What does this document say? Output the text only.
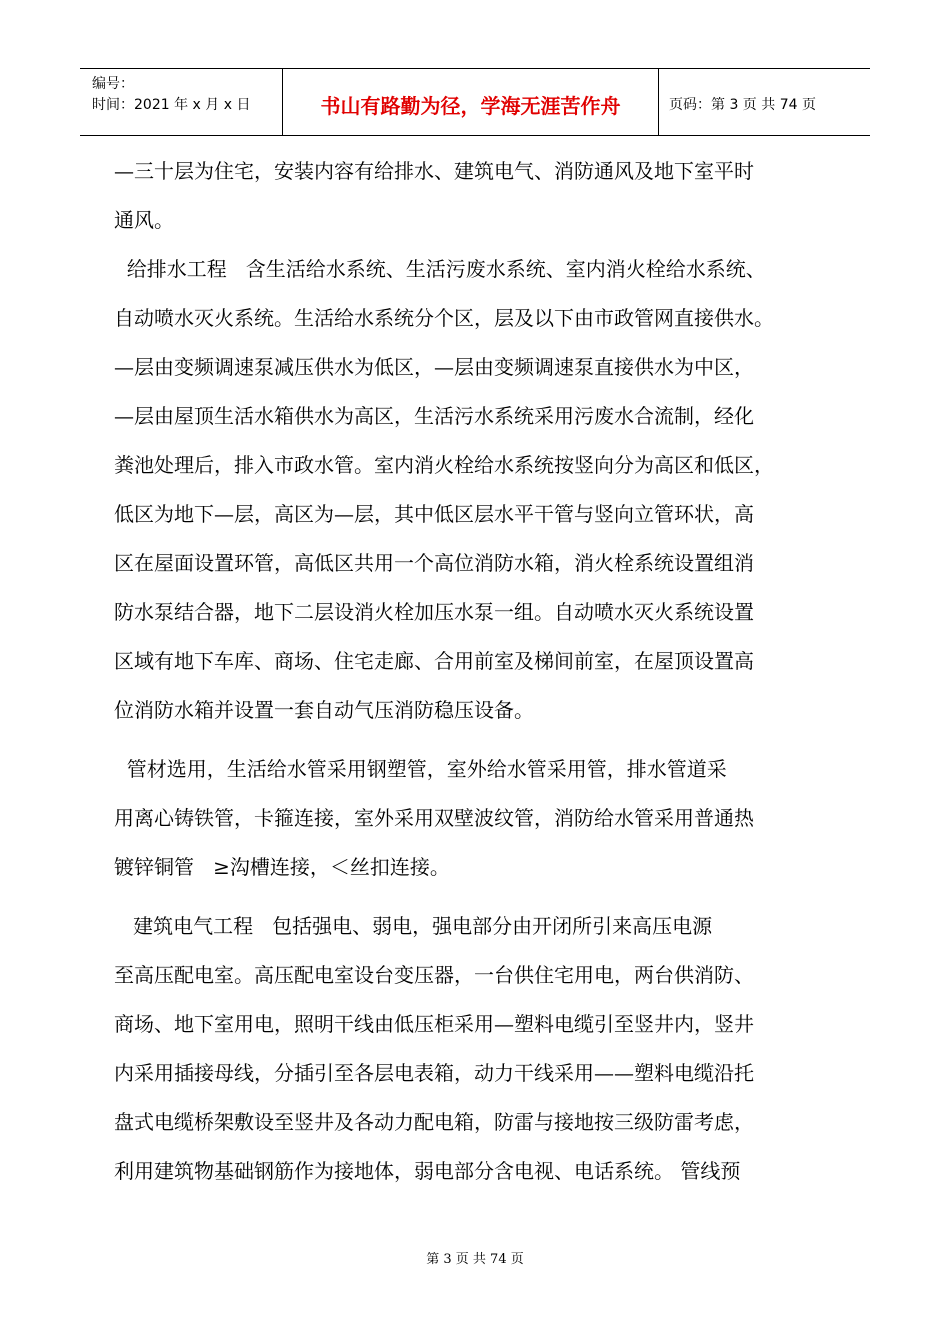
编号：
时间：2021 年 x 月 x 日	书山有路勤为径，学海无涯苦作舟	页码：第 3 页 共 74 页
—三十层为住宅，安装内容有给排水、建筑电气、消防通风及地下室平时
通风。
给排水工程   含生活给水系统、生活污废水系统、室内消火栓给水系统、
自动喷水灭火系统。生活给水系统分个区，层及以下由市政管网直接供水。
—层由变频调速泵减压供水为低区，—层由变频调速泵直接供水为中区，
—层由屋顶生活水箱供水为高区，生活污水系统采用污废水合流制，经化
粪池处理后，排入市政水管。室内消火栓给水系统按竖向分为高区和低区，
低区为地下—层，高区为—层，其中低区层水平干管与竖向立管环状，高
区在屋面设置环管，高低区共用一个高位消防水箱，消火栓系统设置组消
防水泵结合器，地下二层设消火栓加压水泵一组。自动喷水灭火系统设置
区域有地下车库、商场、住宅走廊、合用前室及梯间前室，在屋顶设置高
位消防水箱并设置一套自动气压消防稳压设备。
管材选用，生活给水管采用钢塑管，室外给水管采用管，排水管道采
用离心铸铁管，卡箍连接，室外采用双壁波纹管，消防给水管采用普通热
镀锌铜管   ≥沟槽连接，＜丝扣连接。
建筑电气工程   包括强电、弱电，强电部分由开闭所引来高压电源
至高压配电室。高压配电室设台变压器，一台供住宅用电，两台供消防、
商场、地下室用电，照明干线由低压柜采用—塑料电缆引至竖井内，竖井
内采用插接母线，分插引至各层电表箱，动力干线采用——塑料电缆沿托
盘式电缆桥架敷设至竖井及各动力配电箱，防雷与接地按三级防雷考虑，
利用建筑物基础钢筋作为接地体，弱电部分含电视、电话系统。 管线预
第 3 页 共 74 页
